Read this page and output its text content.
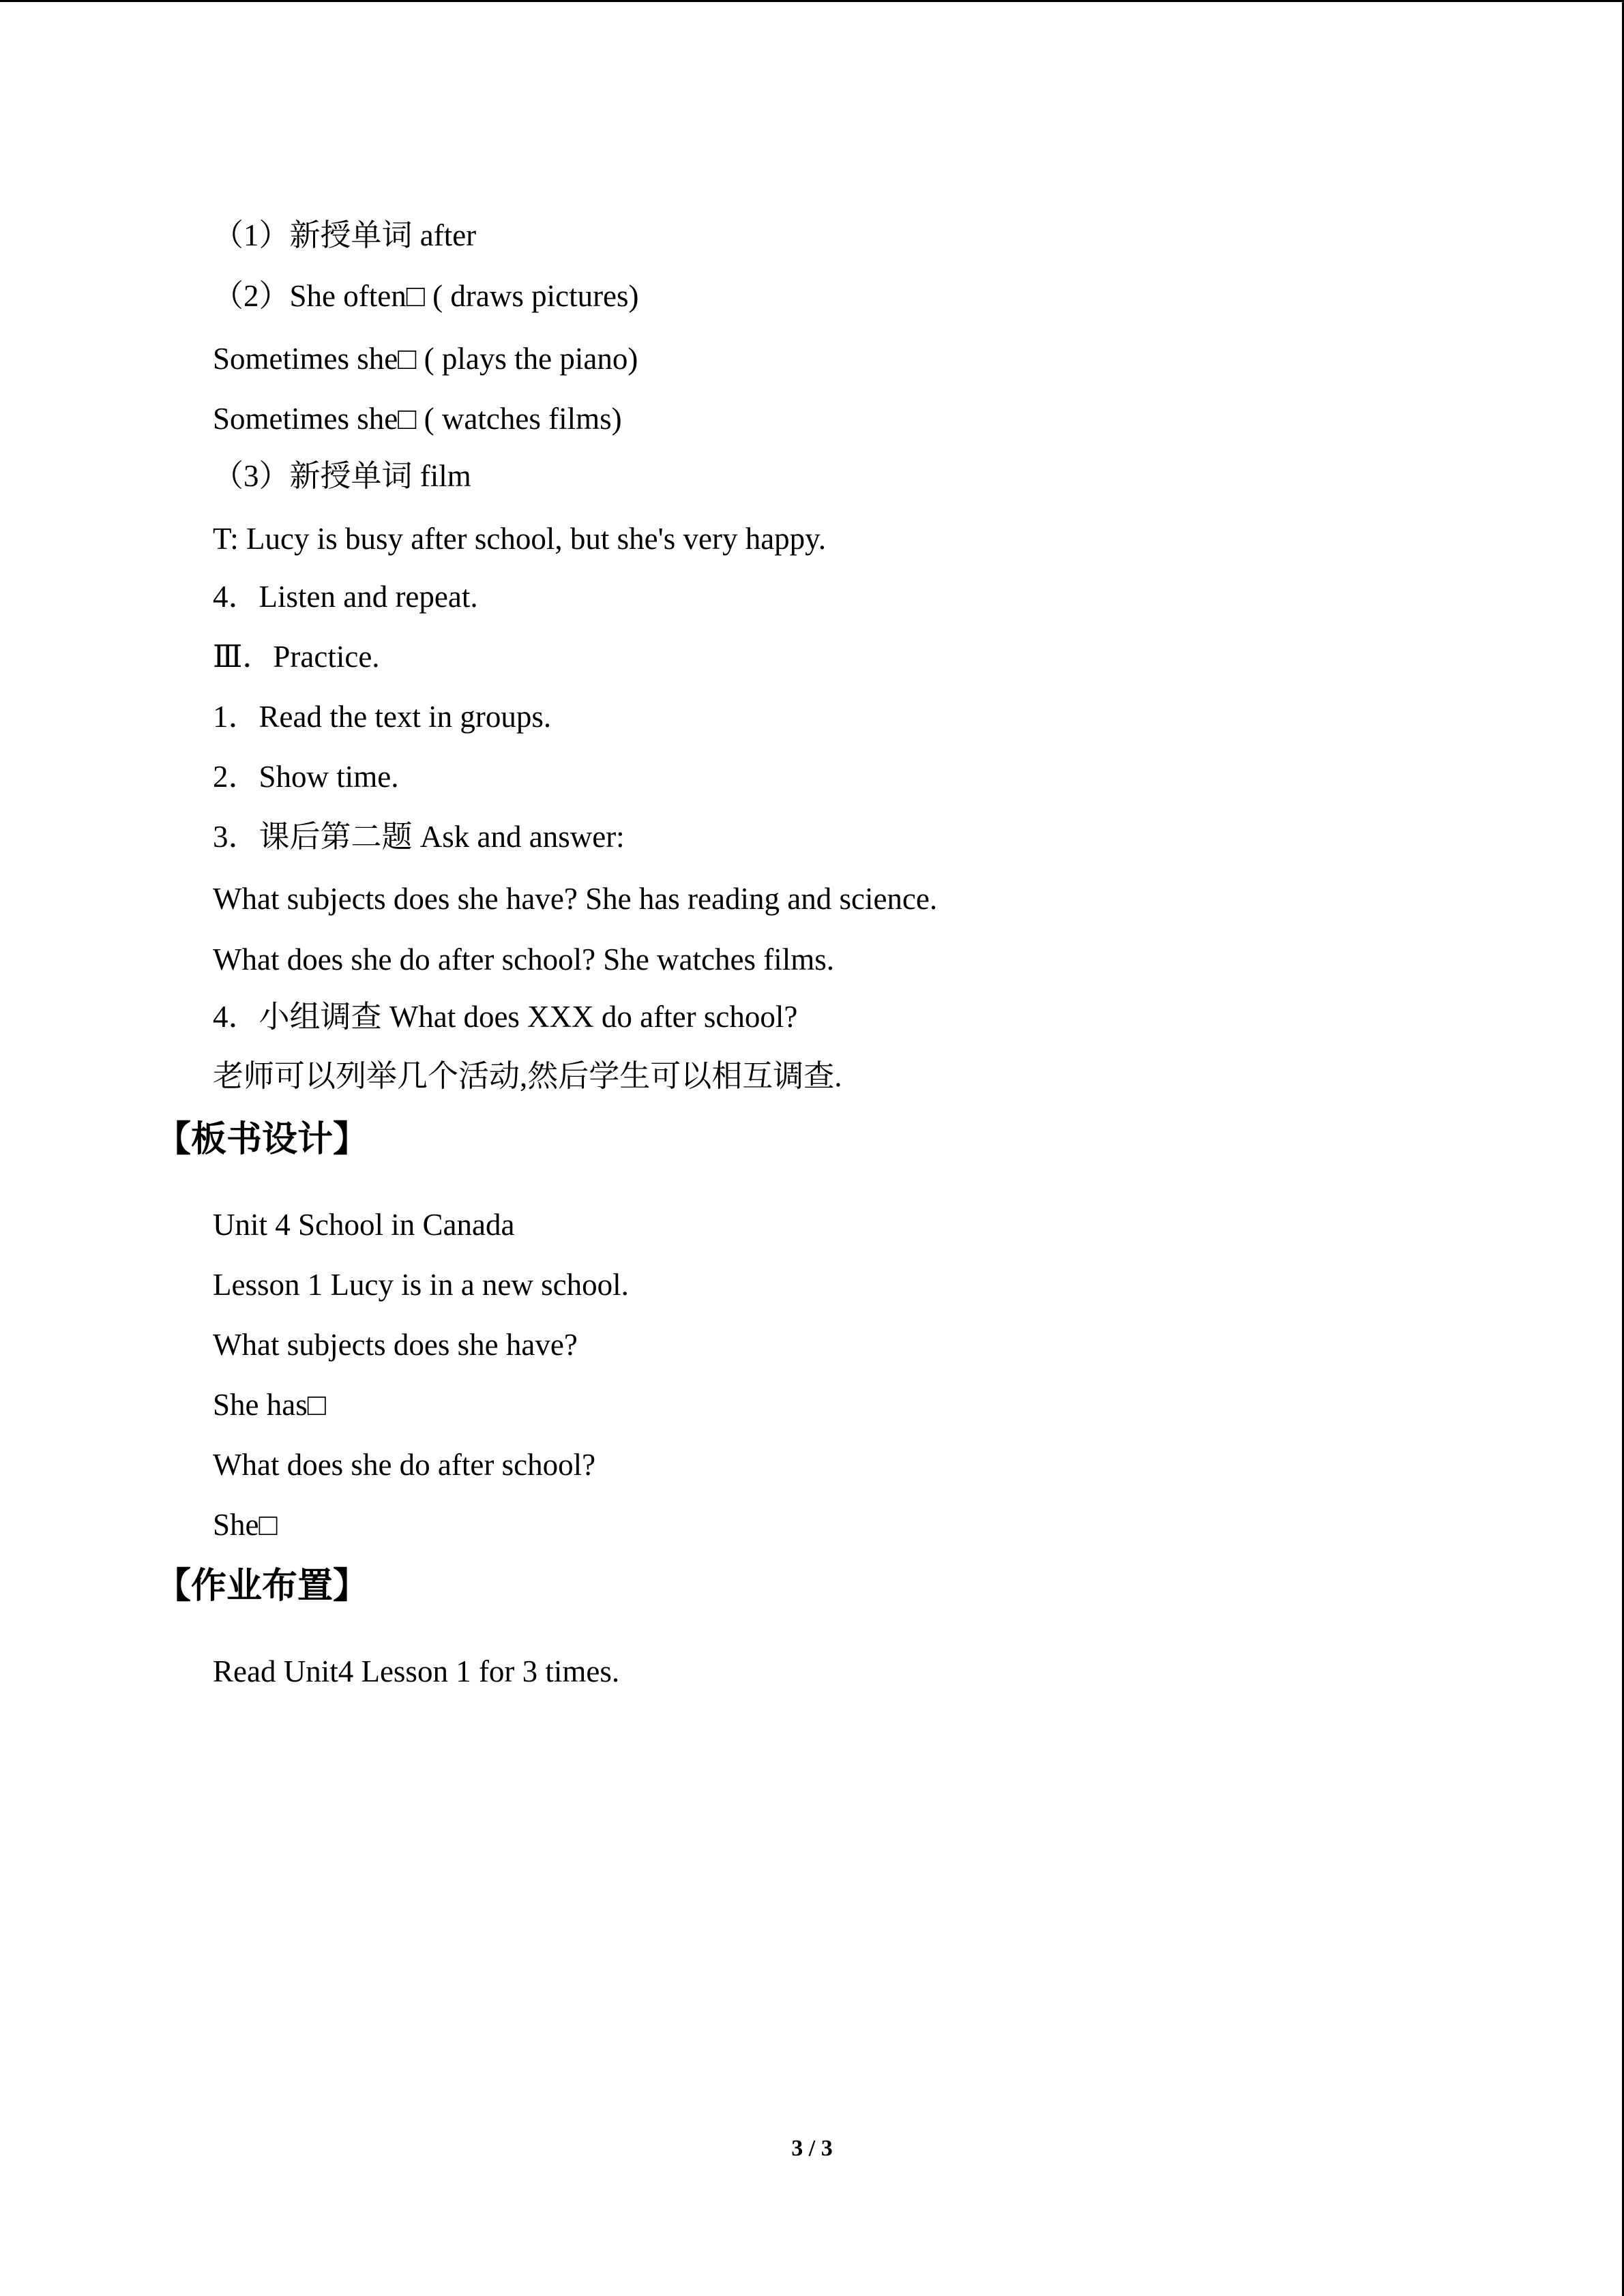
（1）新授单词 after
（2）She often□ ( draws pictures)
Sometimes she□ ( plays the piano)
Sometimes she□ ( watches films)
（3）新授单词 film
T: Lucy is busy after school, but she's very happy.
4．Listen and repeat.
Ⅲ．Practice.
1．Read the text in groups.
2．Show time.
3．课后第二题 Ask and answer:
What subjects does she have? She has reading and science.
What does she do after school? She watches films.
4．小组调查 What does XXX do after school?
老师可以列举几个活动,然后学生可以相互调查.
【板书设计】
Unit 4 School in Canada
Lesson 1 Lucy is in a new school.
What subjects does she have?
She has□
What does she do after school?
She□
【作业布置】
Read Unit4 Lesson 1 for 3 times.
3 / 3
